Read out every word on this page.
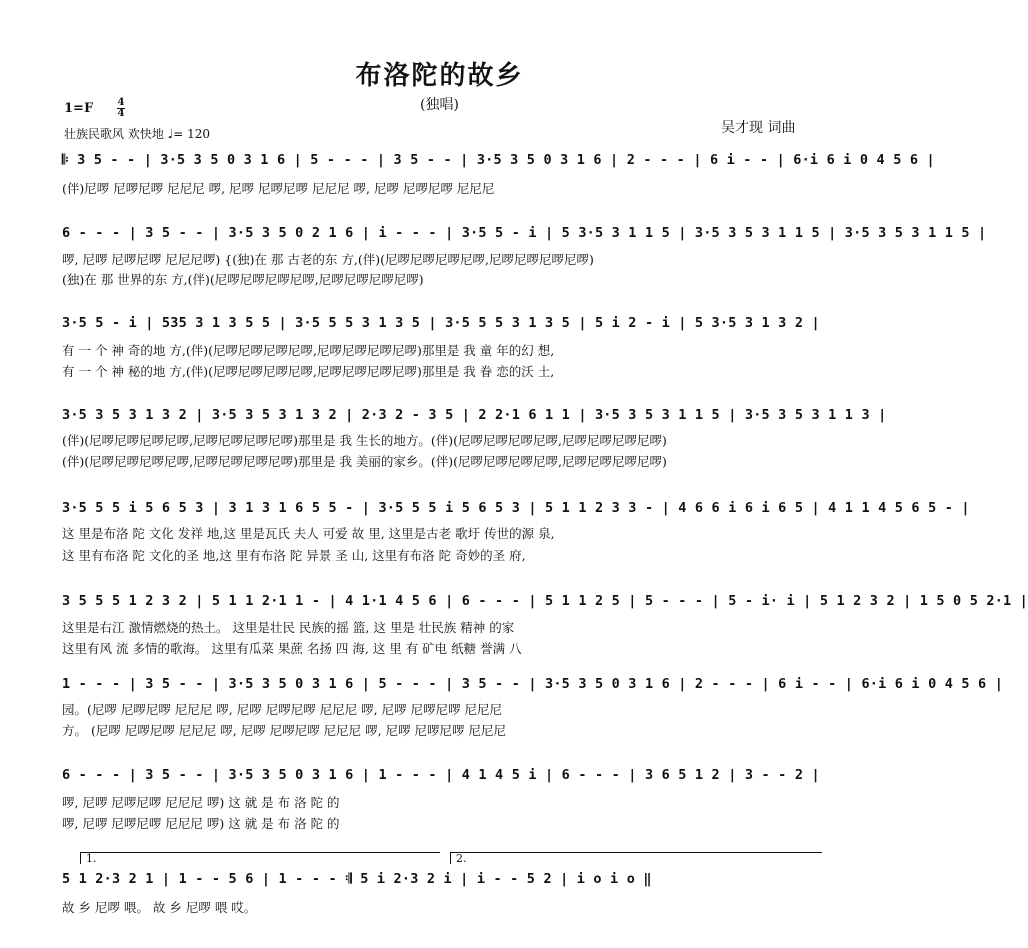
布洛陀的故乡
(独唱)
1=F 4
4
壮族民歌风 欢快地 ♩= 120	吴才现 词曲
𝄆 3 5 - - | 3·5 3 5 0 3 1 6 | 5 - - - | 3 5 - - | 3·5 3 5 0 3 1 6 | 2 - - - | 6 i - - | 6·i 6 i 0 4 5 6 |
(伴)尼啰 尼啰尼啰 尼尼尼 啰, 尼啰 尼啰尼啰 尼尼尼 啰, 尼啰 尼啰尼啰 尼尼尼
6 - - - | 3 5 - - | 3·5 3 5 0 2 1 6 | i - - - | 3·5 5 - i | 5 3·5 3 1 1 5 | 3·5 3 5 3 1 1 5 | 3·5 3 5 3 1 1 5 |
啰, 尼啰 尼啰尼啰 尼尼尼啰) {(独)在 那 古老的东 方,(伴)(尼啰尼啰尼啰尼啰,尼啰尼啰尼啰尼啰)
(独)在 那 世界的东 方,(伴)(尼啰尼啰尼啰尼啰,尼啰尼啰尼啰尼啰)
3·5 5 - i | 535 3 1 3 5 5 | 3·5 5 5 3 1 3 5 | 3·5 5 5 3 1 3 5 | 5 i 2 - i | 5 3·5 3 1 3 2 |
有 一 个 神 奇的地 方,(伴)(尼啰尼啰尼啰尼啰,尼啰尼啰尼啰尼啰)那里是 我 童 年的幻 想,
有 一 个 神 秘的地 方,(伴)(尼啰尼啰尼啰尼啰,尼啰尼啰尼啰尼啰)那里是 我 眷 恋的沃 土,
3·5 3 5 3 1 3 2 | 3·5 3 5 3 1 3 2 | 2·3 2 - 3 5 | 2 2·1 6 1 1 | 3·5 3 5 3 1 1 5 | 3·5 3 5 3 1 1 3 |
(伴)(尼啰尼啰尼啰尼啰,尼啰尼啰尼啰尼啰)那里是 我 生长的地方。(伴)(尼啰尼啰尼啰尼啰,尼啰尼啰尼啰尼啰)
(伴)(尼啰尼啰尼啰尼啰,尼啰尼啰尼啰尼啰)那里是 我 美丽的家乡。(伴)(尼啰尼啰尼啰尼啰,尼啰尼啰尼啰尼啰)
3·5 5 5 i 5 6 5 3 | 3 1 3 1 6 5 5 - | 3·5 5 5 i 5 6 5 3 | 5 1 1 2 3 3 - | 4 6 6 i 6 i 6 5 | 4 1 1 4 5 6 5 - |
这 里是布洛 陀 文化 发祥 地,这 里是瓦氏 夫人 可爱 故 里, 这里是古老 歌圩 传世的源 泉,
这 里有布洛 陀 文化的圣 地,这 里有布洛 陀 异景 圣 山, 这里有布洛 陀 奇妙的圣 府,
3 5 5 5 1 2 3 2 | 5 1 1 2·1 1 - | 4 1·1 4 5 6 | 6 - - - | 5 1 1 2 5 | 5 - - - | 5 - i· i | 5 1 2 3 2 | 1 5 0 5 2·1 |
这里是右江 激情燃烧的热土。 这里是壮民 民族的摇 篮, 这 里是 壮民族 精神 的家
这里有风 流 多情的歌海。 这里有瓜菜 果蔗 名扬 四 海, 这 里 有 矿电 纸糖 誉满 八
1 - - - | 3 5 - - | 3·5 3 5 0 3 1 6 | 5 - - - | 3 5 - - | 3·5 3 5 0 3 1 6 | 2 - - - | 6 i - - | 6·i 6 i 0 4 5 6 |
园。(尼啰 尼啰尼啰 尼尼尼 啰, 尼啰 尼啰尼啰 尼尼尼 啰, 尼啰 尼啰尼啰 尼尼尼
方。 (尼啰 尼啰尼啰 尼尼尼 啰, 尼啰 尼啰尼啰 尼尼尼 啰, 尼啰 尼啰尼啰 尼尼尼
6 - - - | 3 5 - - | 3·5 3 5 0 3 1 6 | 1 - - - | 4 1 4 5 i | 6 - - - | 3 6 5 1 2 | 3 - - 2 |
啰, 尼啰 尼啰尼啰 尼尼尼 啰) 这 就 是 布 洛 陀 的
啰, 尼啰 尼啰尼啰 尼尼尼 啰) 这 就 是 布 洛 陀 的
1.	2.
5 1 2·3 2 1 | 1 - - 5 6 | 1 - - - 𝄇 5 i 2·3 2 i | i - - 5 2 | i o i o ‖
故 乡 尼啰 喂。 故 乡 尼啰 喂 哎。
